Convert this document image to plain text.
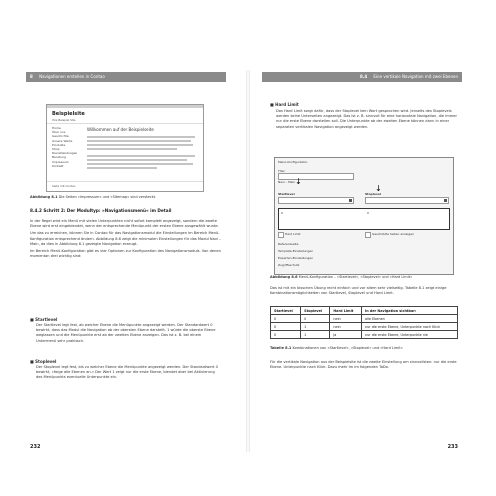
8 Navigationen erstellen in Contao
Beispielsite
Ihre Beispiel Site
Home
Über uns
Geschichte
Unsere Werte
Produkte
Shop
Dienstleistungen
Beratung
Impressum
Kontakt
Willkommen auf der Beispielseite
Seite mit Contao
Abbildung 8.1 Die Seiten »Impressum« und »Sitemap« sind versteckt.
8.4.2 Schritt 2: Der Modultyp: »Navigationsmenü« im Detail

In der Regel wird ein Menü mit vielen Unterpunkten nicht sofort komplett angezeigt, sondern die zweite Ebene wird erst eingeblendet, wenn der entsprechende Menüpunkt der ersten Ebene ausgewählt wurde.

Um das zu erreichen, können Sie in Contao für das Navigationsmodul die Einstellungen im Bereich Menü-Konfiguration entsprechend ändern. Abbildung 8.6 zeigt die minimalen Einstellungen für das Modul Navi – Main, da dies in Abbildung 8.1 gezeigte Navigation erzeugt.

Im Bereich Menü-Konfiguration gibt es vier Optionen zur Konfiguration des Navigationsmoduls. Von denen momentan drei wichtig sind:

■ Startlevel
Der Startlevel legt fest, ab welcher Ebene die Menüpunkte angezeigt werden. Der Standardwert 0 bewirkt, dass das Modul die Navigation ab der obersten Ebene darstellt. 1 würde die oberste Ebene weglassen und die Menüpunkte erst ab der zweiten Ebene anzeigen. Das ist z. B. bei einem Untermenü sehr praktisch.
■ Stoplevel
Der Stoplevel legt fest, bis zu welcher Ebene die Menüpunkte angezeigt werden. Der Standardwert 0 bewirkt, »folge alle Ebenen an.« Der Wert 1 zeigt nur die erste Ebene, blendet aber bei Aktivierung des Menüpunkts eventuelle Unterpunkte ein.
232
8.4 Eine vertikale Navigation mit zwei Ebenen
■ Hard Limit
Das Hard Limit sorgt dafür, dass der Stoplevel kein Wort gesprochen wird. Jenseits des Stoplevels werden keine Unterseiten angezeigt. Das ist z. B. sinnvoll für eine horizontale Navigation, die immer nur die erste Ebene darstellen soll. Die Unterpunkte ab der zweiten Ebene können dann in einer separaten vertikalen Navigation angezeigt werden.
Menü-Konfiguration
Titel
Navi – Main ↓
Startlevel	Stoplevel
↓
0	0
Hard Limit	Geschützte Seiten anzeigen
Referenzseite
Template-Einstellungen
Experten-Einstellungen
Zugriffsschutz
Abbildung 8.6 Menü-Konfiguration – »Startlevel«, »Stoplevel« und »Hard Limit«
Das ist mit ein bisschen Übung recht einfach und vor allem sehr vielseitig. Tabelle 8.1 zeigt einige Kombinationsmöglichkeiten von Startlevel, Stoplevel und Hard Limit.
Startlevel	Stoplevel	Hard Limit	In der Navigation sichtbar:
0	0	nein	alle Ebenen
0	1	nein	nur die erste Ebene, Unterpunkte nach Klick
0	1	ja	nur die erste Ebene, Unterpunkte nie
Tabelle 8.1 Kombinationen von »Startlevel«, »Stoplevel« und »Hard Limit«
Für die vertikale Navigation aus der Beispielsite ist die zweite Einstellung am sinnvollsten: nur die erste Ebene. Unterpunkte nach Klick. Dazu mehr im im folgenden ToDo.
233
